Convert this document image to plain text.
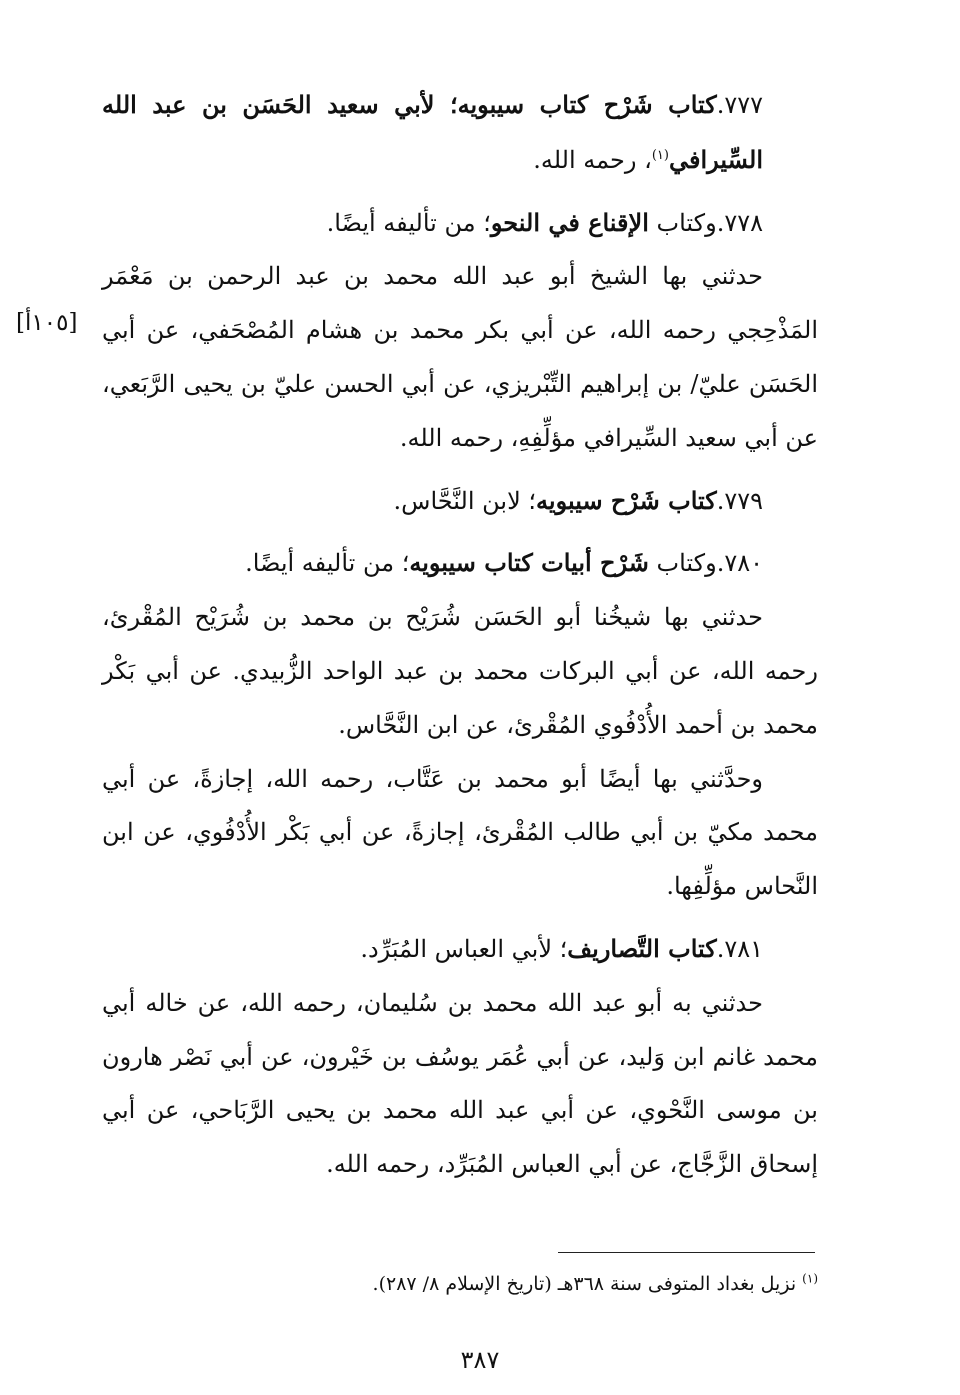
٧٧٧.كتاب شَرْح كتاب سيبويه؛ لأبي سعيد الحَسَن بن عبد الله السِّيرافي$^{(١)}$، رحمه الله.

٧٧٨.وكتاب الإقناع في النحو؛ من تأليفه أيضًا.

حدثني بها الشيخ أبو عبد الله محمد بن عبد الرحمن بن مَعْمَر المَذْحِجي رحمه الله، عن أبي بكر محمد بن هشام المُصْحَفي، عن أبي الحَسَن عليّ/ بن إبراهيم التِّبْريزي، عن أبي الحسن عليّ بن يحيى الرَّبَعي، عن أبي سعيد السِّيرافي مؤلِّفِهِ، رحمه الله.

٧٧٩.كتاب شَرْح سيبويه؛ لابن النَّحَّاس.

٧٨٠.وكتاب شَرْح أبيات كتاب سيبويه؛ من تأليفه أيضًا.

حدثني بها شيخُنا أبو الحَسَن شُرَيْح بن محمد بن شُرَيْح المُقْرئ، رحمه الله، عن أبي البركات محمد بن عبد الواحد الزُّبيدي. عن أبي بَكْر محمد بن أحمد الأُدْفُوي المُقْرئ، عن ابن النَّحَّاس.

وحدَّثني بها أيضًا أبو محمد بن عَتَّاب، رحمه الله، إجازةً، عن أبي محمد مكيّ بن أبي طالب المُقْرئ، إجازةً، عن أبي بَكْر الأُدْفُوي، عن ابن النَّحاس مؤلِّفِها.

٧٨١.كتاب التَّصاريف؛ لأبي العباس المُبَرِّد.

حدثني به أبو عبد الله محمد بن سُليمان، رحمه الله، عن خاله أبي محمد غانم ابن وَليد، عن أبي عُمَر يوسُف بن خَيْرون، عن أبي نَصْر هارون بن موسى النَّحْوي، عن أبي عبد الله محمد بن يحيى الرَّبَاحي، عن أبي إسحاق الزَّجَّاج، عن أبي العباس المُبَرِّد، رحمه الله.

[١٠٥أ]
$^{(١)}$ نزيل بغداد المتوفى سنة ٣٦٨هـ (تاريخ الإسلام ٨/ ٢٨٧).
٣٨٧
